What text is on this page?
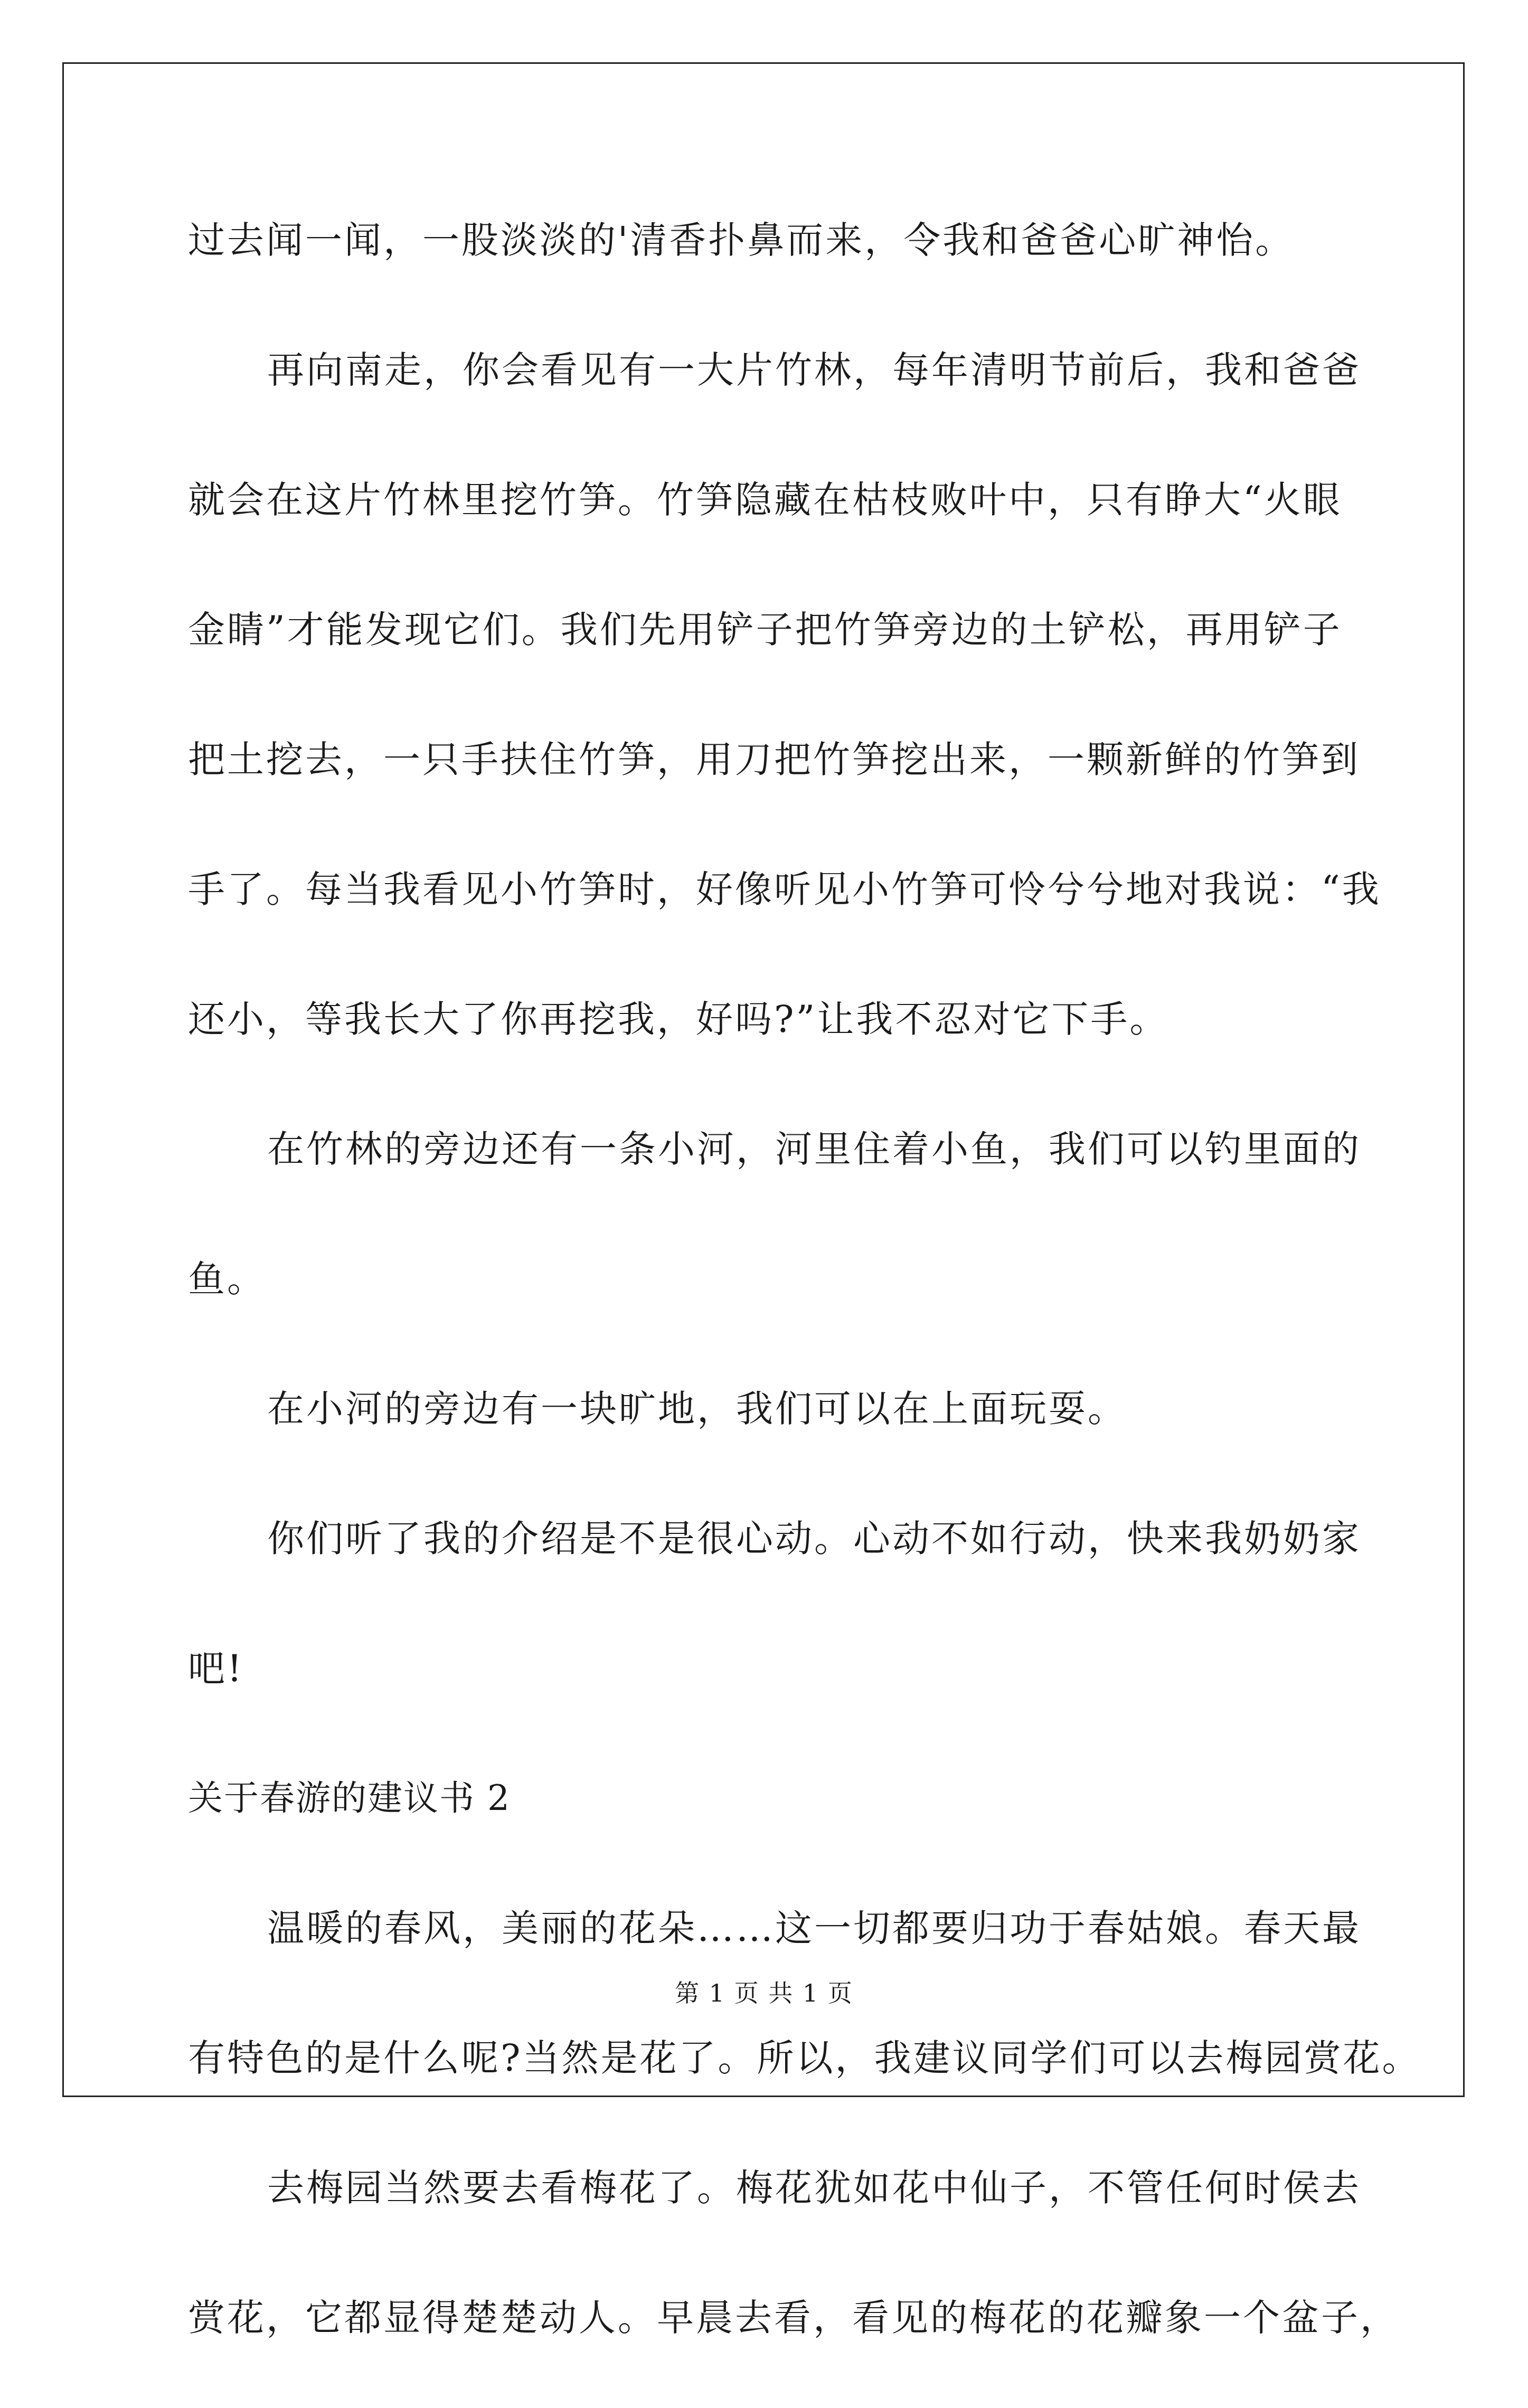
过去闻一闻，一股淡淡的'清香扑鼻而来，令我和爸爸心旷神怡。
再向南走，你会看见有一大片竹林，每年清明节前后，我和爸爸
就会在这片竹林里挖竹笋。竹笋隐藏在枯枝败叶中，只有睁大“火眼
金睛”才能发现它们。我们先用铲子把竹笋旁边的土铲松，再用铲子
把土挖去，一只手扶住竹笋，用刀把竹笋挖出来，一颗新鲜的竹笋到
手了。每当我看见小竹笋时，好像听见小竹笋可怜兮兮地对我说：“我
还小，等我长大了你再挖我，好吗?”让我不忍对它下手。
在竹林的旁边还有一条小河，河里住着小鱼，我们可以钓里面的
鱼。
在小河的旁边有一块旷地，我们可以在上面玩耍。
你们听了我的介绍是不是很心动。心动不如行动，快来我奶奶家
吧!
关于春游的建议书 2
温暖的春风，美丽的花朵……这一切都要归功于春姑娘。春天最
有特色的是什么呢?当然是花了。所以，我建议同学们可以去梅园赏花。
去梅园当然要去看梅花了。梅花犹如花中仙子，不管任何时侯去
赏花，它都显得楚楚动人。早晨去看，看见的梅花的花瓣象一个盆子，
第 1 页 共 1 页
